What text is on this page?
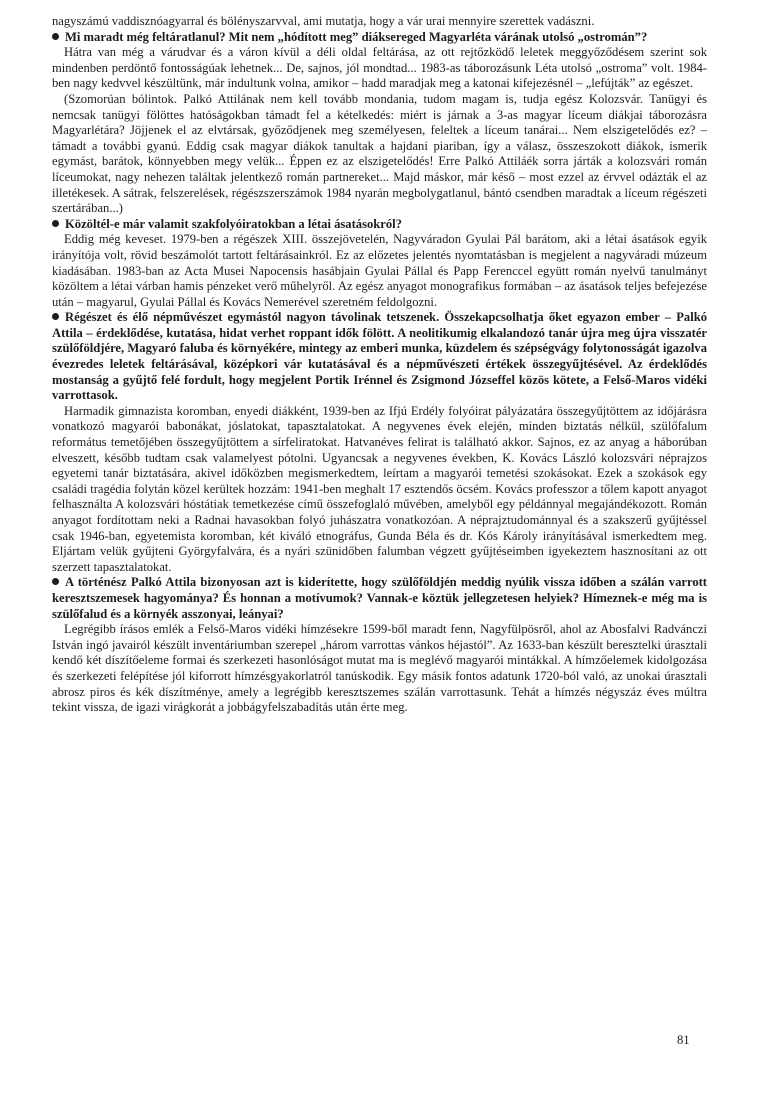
nagyszámú vaddisznóagyarral és bölényszarvval, ami mutatja, hogy a vár urai mennyire szerettek vadászni.

Mi maradt még feltáratlanul? Mit nem „hódított meg” diáksereged Magyarléta várának utolsó „ostromán”?

Hátra van még a várudvar és a váron kívül a déli oldal feltárása, az ott rejtőzködő leletek meggyőződésem szerint sok mindenben perdöntő fontosságúak lehetnek... De, sajnos, jól mondtad... 1983-as táborozásunk Léta utolsó „ostroma” volt. 1984-ben nagy kedvvel készültünk, már indultunk volna, amikor – hadd maradjak meg a katonai kifejezésnél – „lefújták” az egészet.

(Szomorúan bólintok. Palkó Attilának nem kell tovább mondania, tudom magam is, tudja egész Kolozsvár. Tanügyi és nemcsak tanügyi fölöttes hatóságokban támadt fel a kételkedés: miért is járnak a 3-as magyar líceum diákjai táborozásra Magyarlétára? Jöjjenek el az elvtársak, győződjenek meg személyesen, feleltek a líceum tanárai... Nem elszigetelődés ez? – támadt a további gyanú. Eddig csak magyar diákok tanultak a hajdani piariban, így a válasz, összeszokott diákok, ismerik egymást, barátok, könnyebben megy velük... Éppen ez az elszigetelődés! Erre Palkó Attiláék sorra járták a kolozsvári román líceumokat, nagy nehezen találtak jelentkező román partnereket... Majd máskor, már késő – most ezzel az érvvel odázták el az illetékesek. A sátrak, felszerelések, régészszerszámok 1984 nyarán megbolygatlanul, bántó csendben maradtak a líceum régészeti szertárában...)

Közöltél-e már valamit szakfolyóiratokban a létai ásatásokról?

Eddig még keveset. 1979-ben a régészek XIII. összejövetelén, Nagyváradon Gyulai Pál barátom, aki a létai ásatások egyik irányítója volt, rövid beszámolót tartott feltárásainkról. Ez az előzetes jelentés nyomtatásban is megjelent a nagyváradi múzeum kiadásában. 1983-ban az Acta Musei Napocensis hasábjain Gyulai Pállal és Papp Ferenccel együtt román nyelvű tanulmányt közöltem a létai várban hamis pénzeket verő műhelyről. Az egész anyagot monografikus formában – az ásatások teljes befejezése után – magyarul, Gyulai Pállal és Kovács Nemerével szeretném feldolgozni.

Régészet és élő népművészet egymástól nagyon távolinak tetszenek. Összekapcsolhatja őket egyazon ember – Palkó Attila – érdeklődése, kutatása, hidat verhet roppant idők fölött. A neolitikumig elkalandozó tanár újra meg újra visszatér szülőföldjére, Magyaró faluba és környékére, mintegy az emberi munka, küzdelem és szépségvágy folytonosságát igazolva évezredes leletek feltárásával, középkori vár kutatásával és a népművészeti értékek összegyűjtésével. Az érdeklődés mostanság a gyűjtő felé fordult, hogy megjelent Portik Irénnel és Zsigmond Józseffel közös kötete, a Felső-Maros vidéki varrottasok.

Harmadik gimnazista koromban, enyedi diákként, 1939-ben az Ifjú Erdély folyóirat pályázatára összegyűjtöttem az időjárásra vonatkozó magyarói babonákat, jóslatokat, tapasztalatokat. A negyvenes évek elején, minden biztatás nélkül, szülőfalum református temetőjében összegyűjtöttem a sírfeliratokat. Hatvanéves felirat is található akkor. Sajnos, ez az anyag a háborúban elveszett, később tudtam csak valamelyest pótolni. Ugyancsak a negyvenes években, K. Kovács László kolozsvári néprajzos egyetemi tanár biztatására, akivel időközben megismerkedtem, leírtam a magyarói temetési szokásokat. Ezek a szokások egy családi tragédia folytán közel kerültek hozzám: 1941-ben meghalt 17 esztendős öcsém. Kovács professzor a tőlem kapott anyagot felhasználta A kolozsvári hóstátiak temetkezése című összefoglaló művében, amelyből egy példánnyal megajándékozott. Román anyagot fordítottam neki a Radnai havasokban folyó juhászatra vonatkozóan. A néprajztudománnyal és a szakszerű gyűjtéssel csak 1946-ban, egyetemista koromban, két kiváló etnográfus, Gunda Béla és dr. Kós Károly irányításával ismerkedtem meg. Eljártam velük gyűjteni Györgyfalvára, és a nyári szünidőben falumban végzett gyűjtéseimben igyekeztem hasznosítani az ott szerzett tapasztalatokat.

A történész Palkó Attila bizonyosan azt is kiderítette, hogy szülőföldjén meddig nyúlik vissza időben a szálán varrott keresztszemesek hagyománya? És honnan a motívumok? Vannak-e köztük jellegzetesen helyiek? Hímeznek-e még ma is szülőfalud és a környék asszonyai, leányai?

Legrégibb írásos emlék a Felső-Maros vidéki hímzésekre 1599-ből maradt fenn, Nagyfülpösről, ahol az Abosfalvi Radvánczi István ingó javairól készült inventáriumban szerepel „három varrottas vánkos héjastól”. Az 1633-ban készült beresztelki úrasztali kendő két díszítőeleme formai és szerkezeti hasonlóságot mutat ma is meglévő magyarói mintákkal. A hímzőelemek kidolgozása és szerkezeti felépítése jól kiforrott hímzésgyakorlatról tanúskodik. Egy másik fontos adatunk 1720-ból való, az unokai úrasztali abrosz piros és kék díszítménye, amely a legrégibb keresztszemes szálán varrottasunk. Tehát a hímzés négyszáz éves múltra tekint vissza, de igazi virágkorát a jobbágyfelszabadítás után érte meg.

81
